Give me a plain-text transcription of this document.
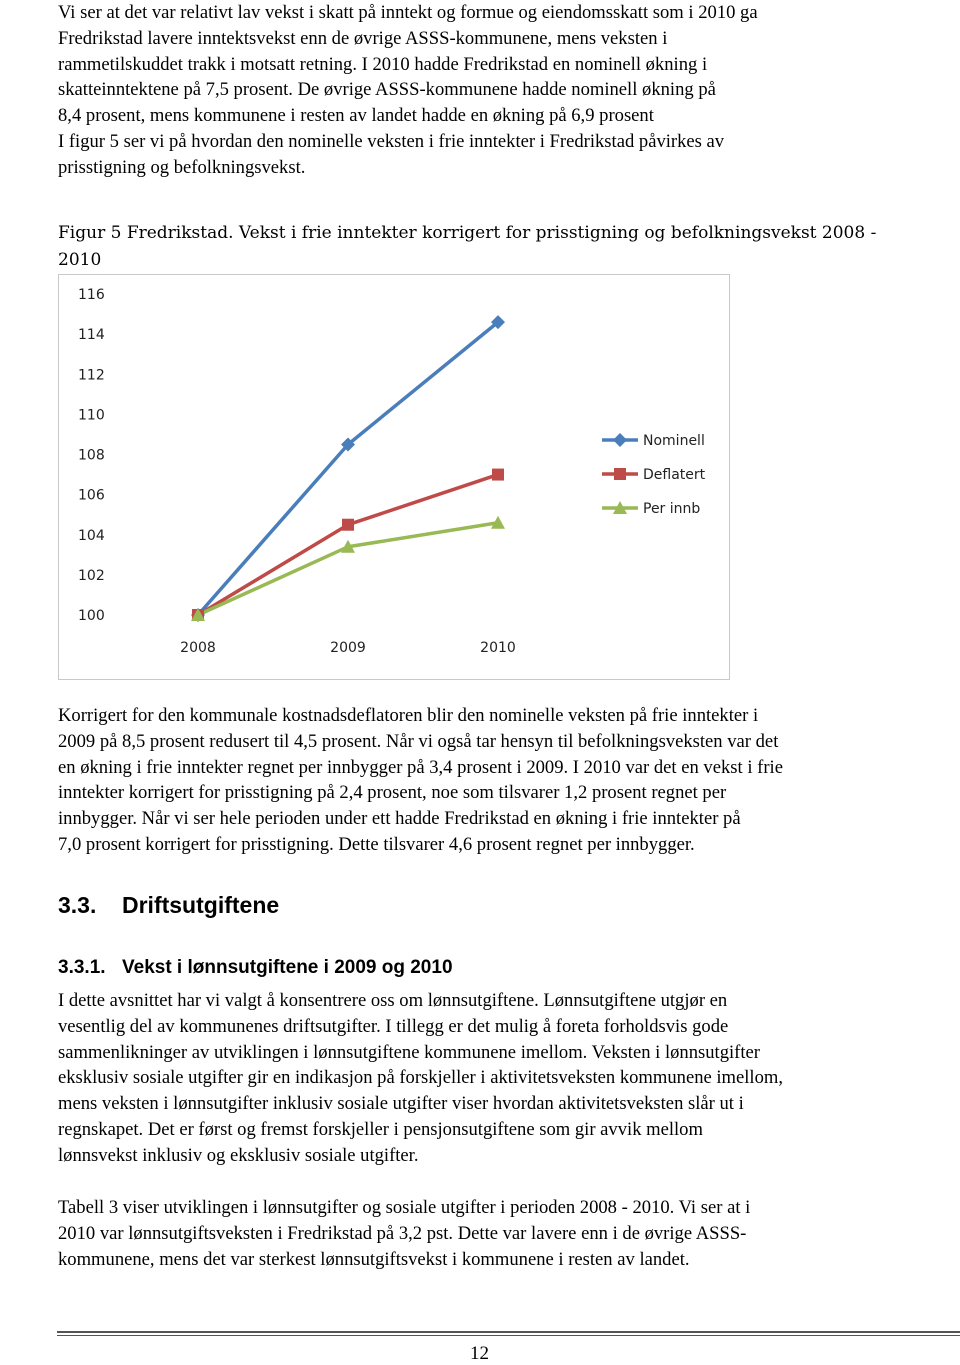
Vi ser at det var relativt lav vekst i skatt på inntekt og formue og eiendomsskatt som i 2010 ga
Fredrikstad lavere inntektsvekst enn de øvrige ASSS-kommunene, mens veksten i
rammetilskuddet trakk i motsatt retning. I 2010 hadde Fredrikstad en nominell økning i
skatteinntektene på 7,5 prosent. De øvrige ASSS-kommunene hadde nominell økning på
8,4 prosent, mens kommunene i resten av landet hadde en økning på 6,9 prosent
I figur 5 ser vi på hvordan den nominelle veksten i frie inntekter i Fredrikstad påvirkes av
prisstigning og befolkningsvekst.
Figur 5 Fredrikstad. Vekst i frie inntekter korrigert for prisstigning og befolkningsvekst 2008 -
2010
116
114
112
110
108
106
104
102
100
2008	2009	2010
Nominell
Deflatert
Per innb
Korrigert for den kommunale kostnadsdeflatoren blir den nominelle veksten på frie inntekter i
2009 på 8,5 prosent redusert til 4,5 prosent. Når vi også tar hensyn til befolkningsveksten var det
en økning i frie inntekter regnet per innbygger på 3,4 prosent i 2009. I 2010 var det en vekst i frie
inntekter korrigert for prisstigning på 2,4 prosent, noe som tilsvarer 1,2 prosent regnet per
innbygger. Når vi ser hele perioden under ett hadde Fredrikstad en økning i frie inntekter på
7,0 prosent korrigert for prisstigning. Dette tilsvarer 4,6 prosent regnet per innbygger.
3.3. Driftsutgiftene
3.3.1. Vekst i lønnsutgiftene i 2009 og 2010
I dette avsnittet har vi valgt å konsentrere oss om lønnsutgiftene. Lønnsutgiftene utgjør en
vesentlig del av kommunenes driftsutgifter. I tillegg er det mulig å foreta forholdsvis gode
sammenlikninger av utviklingen i lønnsutgiftene kommunene imellom. Veksten i lønnsutgifter
eksklusiv sosiale utgifter gir en indikasjon på forskjeller i aktivitetsveksten kommunene imellom,
mens veksten i lønnsutgifter inklusiv sosiale utgifter viser hvordan aktivitetsveksten slår ut i
regnskapet. Det er først og fremst forskjeller i pensjonsutgiftene som gir avvik mellom
lønnsvekst inklusiv og eksklusiv sosiale utgifter.
Tabell 3 viser utviklingen i lønnsutgifter og sosiale utgifter i perioden 2008 - 2010. Vi ser at i
2010 var lønnsutgiftsveksten i Fredrikstad på 3,2 pst. Dette var lavere enn i de øvrige ASSS-
kommunene, mens det var sterkest lønnsutgiftsvekst i kommunene i resten av landet.
12
